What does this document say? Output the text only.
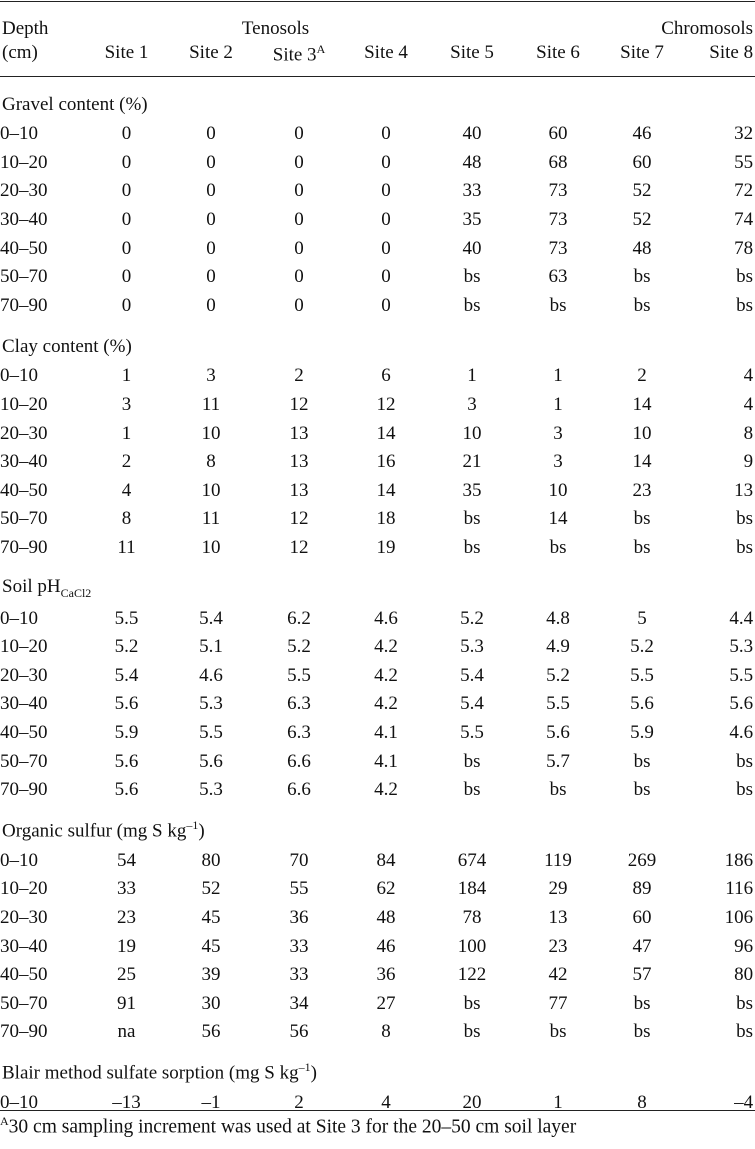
Depth	Tenosols				Chromosols			
(cm)	Site 1	Site 2	Site $3^A$	Site 4	Site 5	Site 6	Site 7	Site 8
Gravel content (%)								
0–10	0	0	0	0	40	60	46	32
10–20	0	0	0	0	48	68	60	55
20–30	0	0	0	0	33	73	52	72
30–40	0	0	0	0	35	73	52	74
40–50	0	0	0	0	40	73	48	78
50–70	0	0	0	0	bs	63	bs	bs
70–90	0	0	0	0	bs	bs	bs	bs
Clay content (%)								
0–10	1	3	2	6	1	1	2	4
10–20	3	11	12	12	3	1	14	4
20–30	1	10	13	14	10	3	10	8
30–40	2	8	13	16	21	3	14	9
40–50	4	10	13	14	35	10	23	13
50–70	8	11	12	18	bs	14	bs	bs
70–90	11	10	12	19	bs	bs	bs	bs
Soil $pH_{CaCl2}$
0–10	5.5	5.4	6.2	4.6	5.2	4.8	5	4.4
10–20	5.2	5.1	5.2	4.2	5.3	4.9	5.2	5.3
20–30	5.4	4.6	5.5	4.2	5.4	5.2	5.5	5.5
30–40	5.6	5.3	6.3	4.2	5.4	5.5	5.6	5.6
40–50	5.9	5.5	6.3	4.1	5.5	5.6	5.9	4.6
50–70	5.6	5.6	6.6	4.1	bs	5.7	bs	bs
70–90	5.6	5.3	6.6	4.2	bs	bs	bs	bs
Organic sulfur (mg S $kg^{-1}$)								
0–10	54	80	70	84	674	119	269	186
10–20	33	52	55	62	184	29	89	116
20–30	23	45	36	48	78	13	60	106
30–40	19	45	33	46	100	23	47	96
40–50	25	39	33	36	122	42	57	80
50–70	91	30	34	27	bs	77	bs	bs
70–90	na	56	56	8	bs	bs	bs	bs
Blair method sulfate sorption (mg S $kg^{-1}$)								
0–10	–13	–1	2	4	20	1	8	–4
$^A$30 cm sampling increment was used at Site 3 for the 20–50 cm soil layer
